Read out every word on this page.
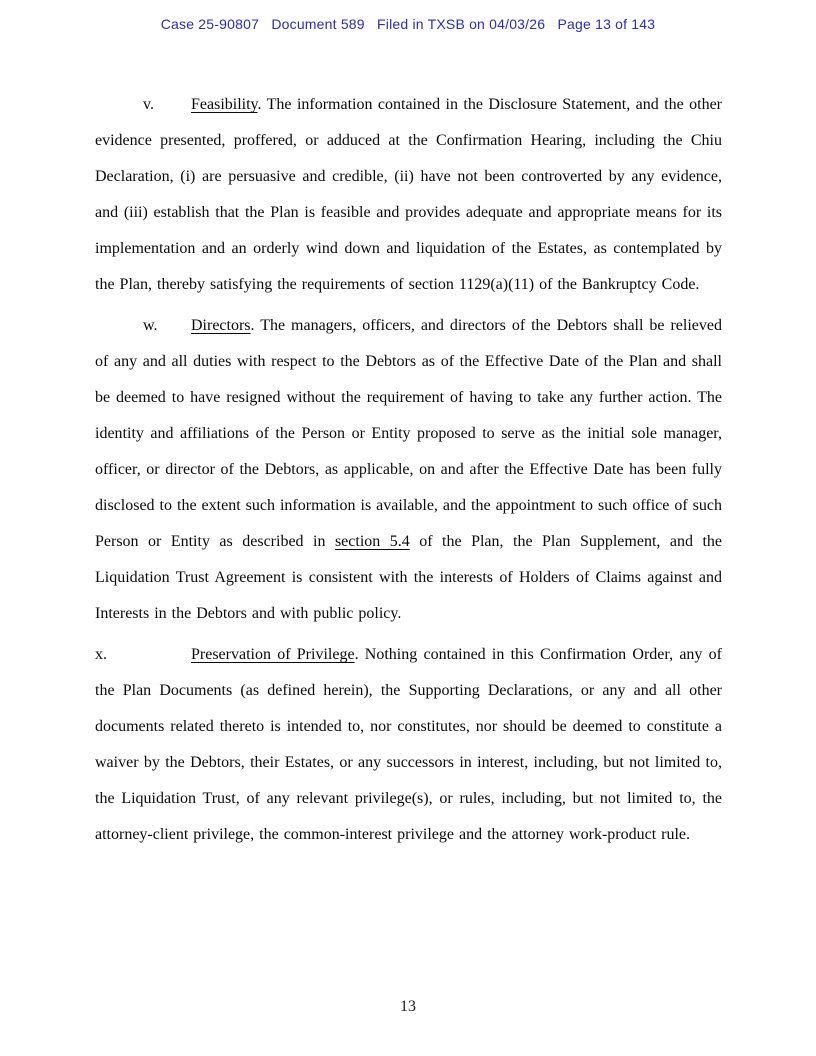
Case 25-90807   Document 589   Filed in TXSB on 04/03/26   Page 13 of 143

v. Feasibility. The information contained in the Disclosure Statement, and the other evidence presented, proffered, or adduced at the Confirmation Hearing, including the Chiu Declaration, (i) are persuasive and credible, (ii) have not been controverted by any evidence, and (iii) establish that the Plan is feasible and provides adequate and appropriate means for its implementation and an orderly wind down and liquidation of the Estates, as contemplated by the Plan, thereby satisfying the requirements of section 1129(a)(11) of the Bankruptcy Code.

w. Directors. The managers, officers, and directors of the Debtors shall be relieved of any and all duties with respect to the Debtors as of the Effective Date of the Plan and shall be deemed to have resigned without the requirement of having to take any further action. The identity and affiliations of the Person or Entity proposed to serve as the initial sole manager, officer, or director of the Debtors, as applicable, on and after the Effective Date has been fully disclosed to the extent such information is available, and the appointment to such office of such Person or Entity as described in section 5.4 of the Plan, the Plan Supplement, and the Liquidation Trust Agreement is consistent with the interests of Holders of Claims against and Interests in the Debtors and with public policy.

x.	Preservation of Privilege. Nothing contained in this Confirmation Order, any of the Plan Documents (as defined herein), the Supporting Declarations, or any and all other documents related thereto is intended to, nor constitutes, nor should be deemed to constitute a waiver by the Debtors, their Estates, or any successors in interest, including, but not limited to, the Liquidation Trust, of any relevant privilege(s), or rules, including, but not limited to, the attorney-client privilege, the common-interest privilege and the attorney work-product rule.

13
